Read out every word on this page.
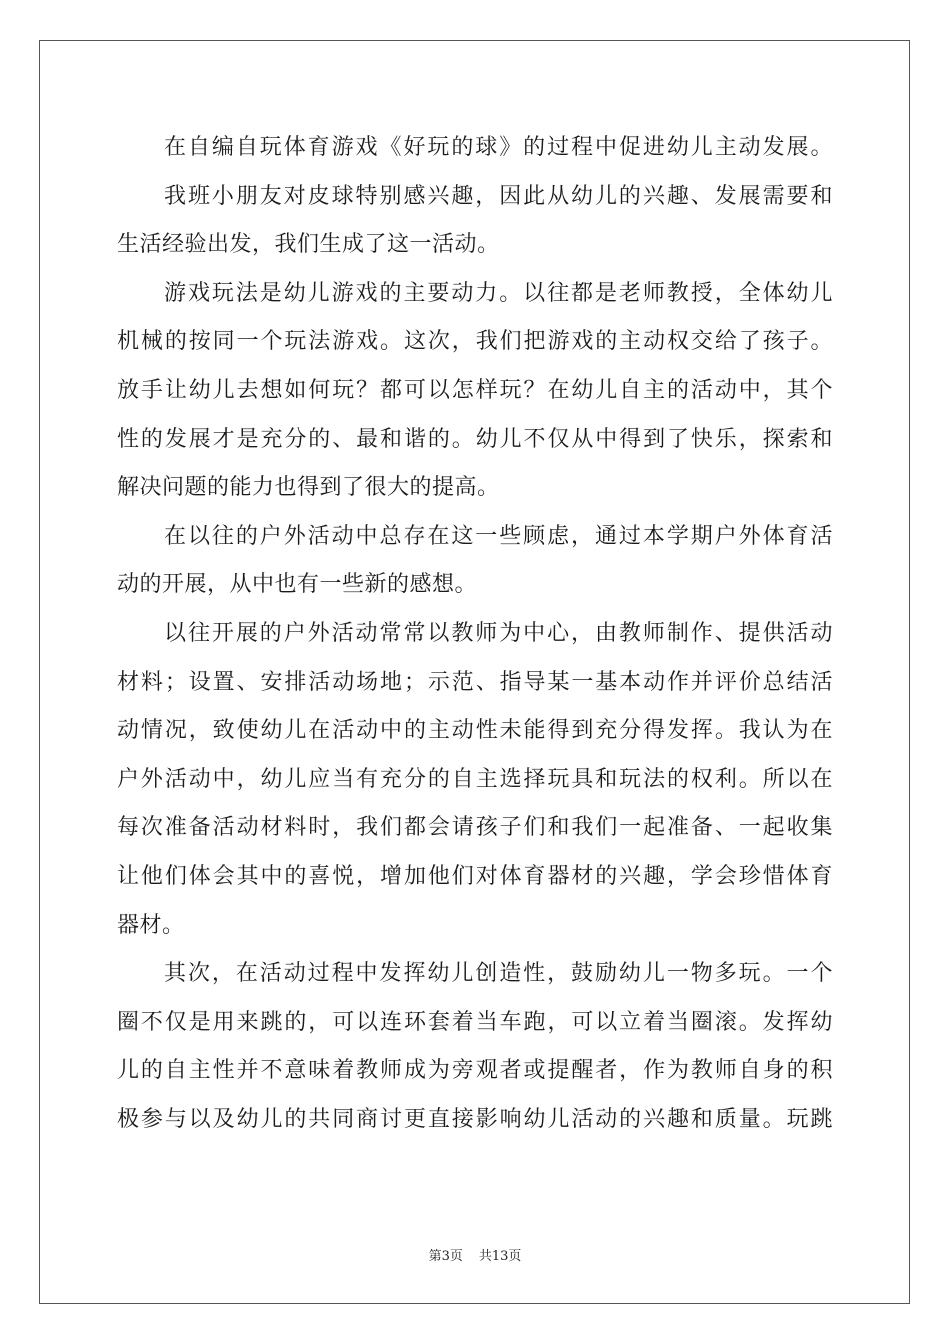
在自编自玩体育游戏《好玩的球》的过程中促进幼儿主动发展。
我班小朋友对皮球特别感兴趣，因此从幼儿的兴趣、发展需要和
生活经验出发，我们生成了这一活动。
游戏玩法是幼儿游戏的主要动力。以往都是老师教授，全体幼儿
机械的按同一个玩法游戏。这次，我们把游戏的主动权交给了孩子。
放手让幼儿去想如何玩？都可以怎样玩？在幼儿自主的活动中，其个
性的发展才是充分的、最和谐的。幼儿不仅从中得到了快乐，探索和
解决问题的能力也得到了很大的提高。
在以往的户外活动中总存在这一些顾虑，通过本学期户外体育活
动的开展，从中也有一些新的感想。
以往开展的户外活动常常以教师为中心，由教师制作、提供活动
材料；设置、安排活动场地；示范、指导某一基本动作并评价总结活
动情况，致使幼儿在活动中的主动性未能得到充分得发挥。我认为在
户外活动中，幼儿应当有充分的自主选择玩具和玩法的权利。所以在
每次准备活动材料时，我们都会请孩子们和我们一起准备、一起收集
让他们体会其中的喜悦，增加他们对体育器材的兴趣，学会珍惜体育
器材。
其次，在活动过程中发挥幼儿创造性，鼓励幼儿一物多玩。一个
圈不仅是用来跳的，可以连环套着当车跑，可以立着当圈滚。发挥幼
儿的自主性并不意味着教师成为旁观者或提醒者，作为教师自身的积
极参与以及幼儿的共同商讨更直接影响幼儿活动的兴趣和质量。玩跳
第3页 共13页
